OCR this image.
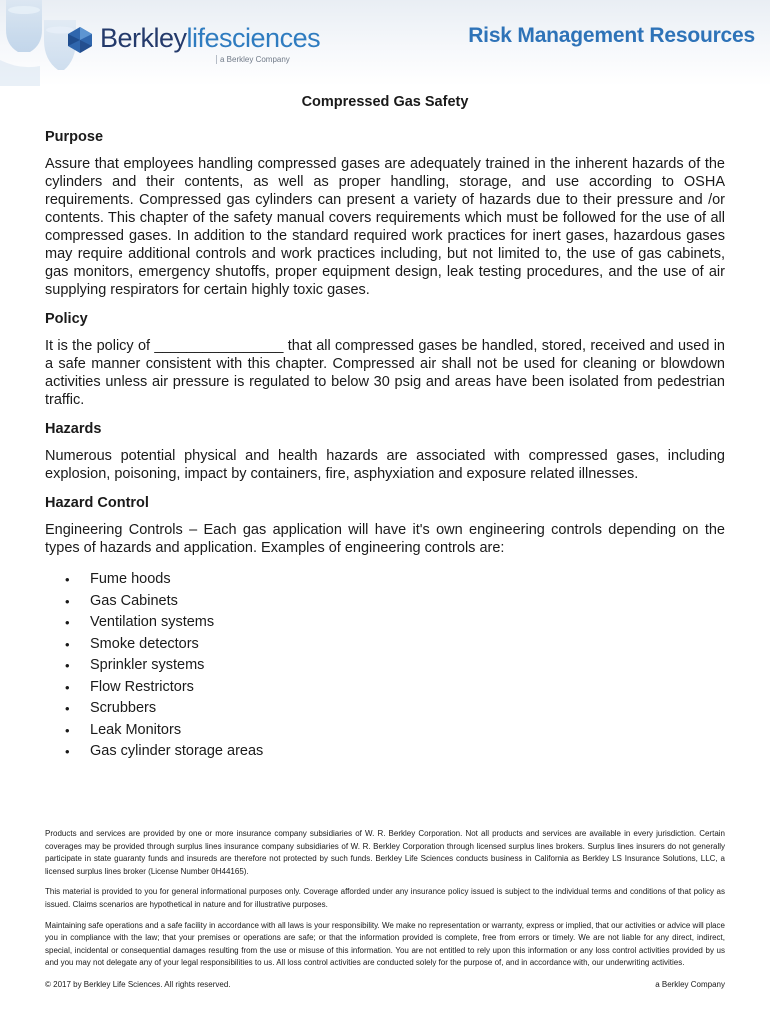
Berkleylifesciences
a Berkley Company
Risk Management Resources
Compressed Gas Safety
Purpose

Assure that employees handling compressed gases are adequately trained in the inherent hazards of the cylinders and their contents, as well as proper handling, storage, and use according to OSHA requirements. Compressed gas cylinders can present a variety of hazards due to their pressure and /or contents. This chapter of the safety manual covers requirements which must be followed for the use of all compressed gases. In addition to the standard required work practices for inert gases, hazardous gases may require additional controls and work practices including, but not limited to, the use of gas cabinets, gas monitors, emergency shutoffs, proper equipment design, leak testing procedures, and the use of air supplying respirators for certain highly toxic gases.

Policy

It is the policy of ________________ that all compressed gases be handled, stored, received and used in a safe manner consistent with this chapter. Compressed air shall not be used for cleaning or blowdown activities unless air pressure is regulated to below 30 psig and areas have been isolated from pedestrian traffic.

Hazards

Numerous potential physical and health hazards are associated with compressed gases, including explosion, poisoning, impact by containers, fire, asphyxiation and exposure related illnesses.

Hazard Control

Engineering Controls – Each gas application will have it's own engineering controls depending on the types of hazards and application. Examples of engineering controls are:

• Fume hoods
• Gas Cabinets
• Ventilation systems
• Smoke detectors
• Sprinkler systems
• Flow Restrictors
• Scrubbers
• Leak Monitors
• Gas cylinder storage areas

Products and services are provided by one or more insurance company subsidiaries of W. R. Berkley Corporation. Not all products and services are available in every jurisdiction. Certain coverages may be provided through surplus lines insurance company subsidiaries of W. R. Berkley Corporation through licensed surplus lines brokers. Surplus lines insurers do not generally participate in state guaranty funds and insureds are therefore not protected by such funds. Berkley Life Sciences conducts business in California as Berkley LS Insurance Solutions, LLC, a licensed surplus lines broker (License Number 0H44165).

This material is provided to you for general informational purposes only. Coverage afforded under any insurance policy issued is subject to the individual terms and conditions of that policy as issued. Claims scenarios are hypothetical in nature and for illustrative purposes.

Maintaining safe operations and a safe facility in accordance with all laws is your responsibility. We make no representation or warranty, express or implied, that our activities or advice will place you in compliance with the law; that your premises or operations are safe; or that the information provided is complete, free from errors or timely. We are not liable for any direct, indirect, special, incidental or consequential damages resulting from the use or misuse of this information. You are not entitled to rely upon this information or any loss control activities provided by us and you may not delegate any of your legal responsibilities to us. All loss control activities are conducted solely for the purpose of, and in accordance with, our underwriting activities.

© 2017 by Berkley Life Sciences. All rights reserved.	a Berkley Company
